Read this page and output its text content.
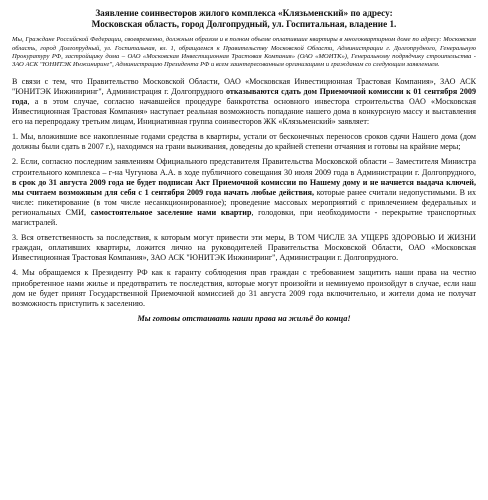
Заявление соинвесторов жилого комплекса «Клязьменский» по адресу:
Московская область, город Долгопрудный, ул. Госпитальная, владение 1.
Мы, Граждане Российской Федерации, своевременно, должным образом и в полном объеме оплатившие квартиры в многоквартирном доме по адресу: Московская область, город Долгопрудный, ул. Госпитальная, вл. 1, обращаемся к Правительству Московской Области, Администрации г. Долгопрудного, Генеральную Прокуратуру РФ, застройщику дома – ОАО «Московская Инвестиционная Трастовая Компания» (ОАО «МОИТК»), Генеральному подрядчику строительства - ЗАО АСК "ЮНИТЭК Инжиниринг", Администрацию Президента РФ и всем заинтересованным организациям и гражданам со следующим заявлением.
В связи с тем, что Правительство Московской Области, ОАО «Московская Инвестиционная Трастовая Компания», ЗАО АСК "ЮНИТЭК Инжиниринг", Администрация г. Долгопрудного отказываются сдать дом Приемочной комиссии к 01 сентября 2009 года, а в этом случае, согласно начавшейся процедуре банкротства основного инвестора строительства ОАО «Московская Инвестиционная Трастовая Компания» наступает реальная возможность попадание нашего дома в конкурсную массу и выставления его на перепродажу третьим лицам, Инициативная группа соинвесторов ЖК «Клязьменский» заявляет:
1. Мы, вложившие все накопленные годами средства в квартиры, устали от бесконечных переносов сроков сдачи Нашего дома (дом должны были сдать в 2007 г.), находимся на грани выживания, доведены до крайней степени отчаяния и готовы на крайние меры;
2. Если, согласно последним заявлениям Официального представителя Правительства Московской области – Заместителя Министра строительного комплекса – г-на Чугунова А.А. в ходе публичного совещания 30 июля 2009 года в Администрации г. Долгопрудного, в срок до 31 августа 2009 года не будет подписан Акт Приемочной комиссии по Нашему дому и не начнется выдача ключей, мы считаем возможным для себя с 1 сентября 2009 года начать любые действия, которые ранее считали недопустимыми. В их числе: пикетирование (в том числе несанкционированное); проведение массовых мероприятий с привлечением федеральных и региональных СМИ, самостоятельное заселение нами квартир, голодовки, при необходимости - перекрытие транспортных магистралей.
3. Вся ответственность за последствия, к которым могут привести эти меры, В ТОМ ЧИСЛЕ ЗА УЩЕРБ ЗДОРОВЬЮ И ЖИЗНИ граждан, оплативших квартиры, ложится лично на руководителей Правительства Московской Области, ОАО «Московская Инвестиционная Трастовая Компания», ЗАО АСК "ЮНИТЭК Инжиниринг", Администрации г. Долгопрудного.
4. Мы обращаемся к Президенту РФ как к гаранту соблюдения прав граждан с требованием защитить наши права на честно приобретенное нами жилье и предотвратить те последствия, которые могут произойти и неминуемо произойдут в случае, если наш дом не будет принят Государственной Приемочной комиссией до 31 августа 2009 года включительно, и жители дома не получат возможность приступить к заселению.
Мы готовы отстаивать наши права на жильё до конца!
